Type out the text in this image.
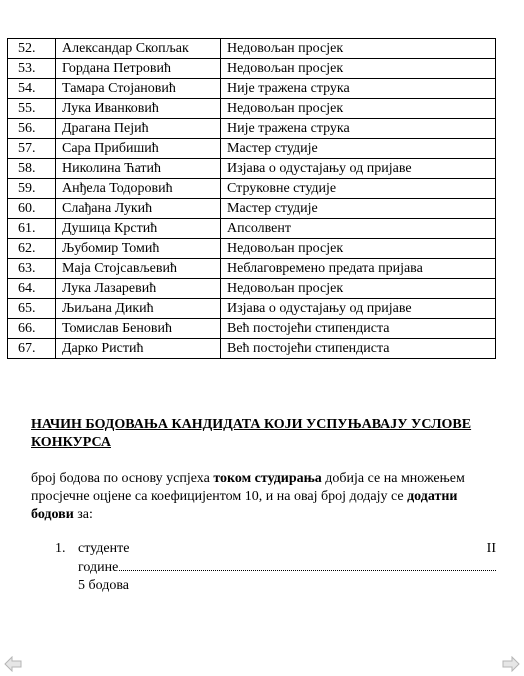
52.	Александар Скопљак	Недовољан просјек
53.	Гордана Петровић	Недовољан просјек
54.	Тамара Стојановић	Није тражена струка
55.	Лука Иванковић	Недовољан просјек
56.	Драгана Пејић	Није тражена струка
57.	Сара Прибишић	Мастер студије
58.	Николина Ћатић	Изјава о одустајању од пријаве
59.	Анђела Тодоровић	Струковне студије
60.	Слађана Лукић	Мастер студије
61.	Душица Крстић	Апсолвент
62.	Љубомир Томић	Недовољан просјек
63.	Маја Стојсављевић	Неблаговремено предата пријава
64.	Лука Лазаревић	Недовољан просјек
65.	Љиљана Дикић	Изјава о одустајању од пријаве
66.	Томислав Беновић	Већ постојећи стипендиста
67.	Дарко Ристић	Већ постојећи стипендиста
НАЧИН БОДОВАЊА КАНДИДАТА КОЈИ УСПУЊАВАЈУ УСЛОВЕ КОНКУРСА
број бодова по основу успјеха током студирања добија се на множењем просјечне оцјене са коефицијентом 10, и на овај број додају се додатни бодови за:
1. студенте	II
године
5 бодова
